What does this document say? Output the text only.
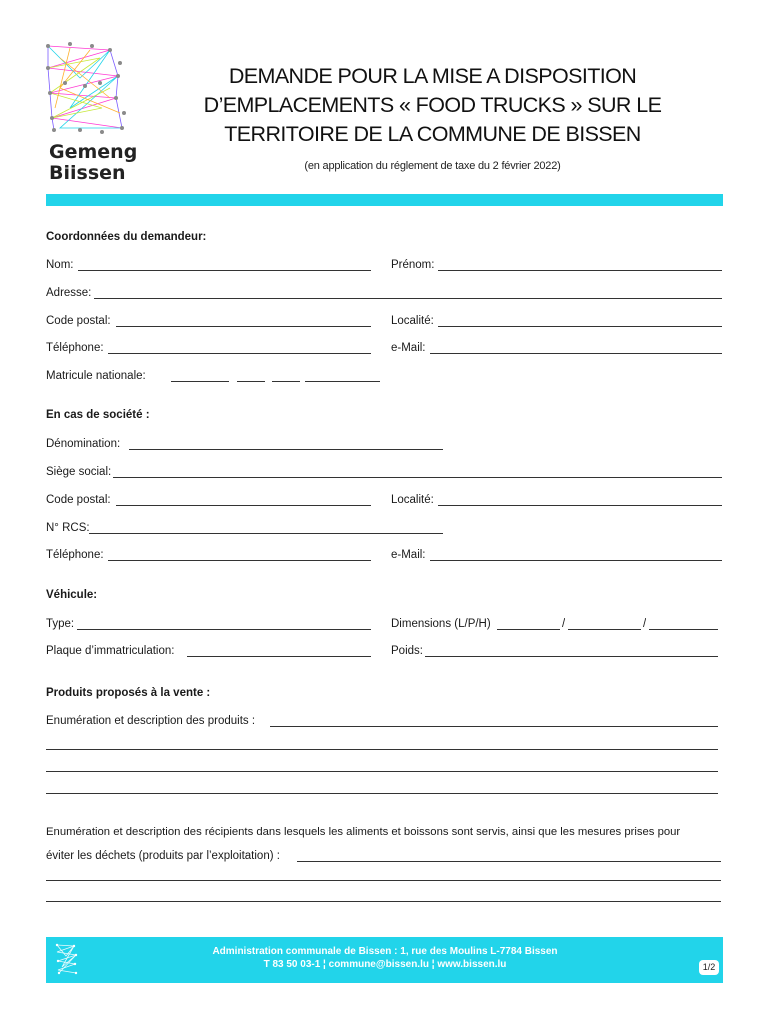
Gemeng
Biissen
DEMANDE POUR LA MISE A DISPOSITION
D’EMPLACEMENTS « FOOD TRUCKS » SUR LE
TERRITOIRE DE LA COMMUNE DE BISSEN
(en application du réglement de taxe du 2 février 2022)
Coordonnées du demandeur:
Nom:	Prénom:
Adresse:
Code postal:	Localité:
Téléphone:	e-Mail:
Matricule nationale:
En cas de société :
Dénomination:
Siège social:
Code postal:	Localité:
N° RCS:
Téléphone:	e-Mail:
Véhicule:
Type:	Dimensions (L/P/H)	/	/
Plaque d’immatriculation:	Poids:
Produits proposés à la vente :
Enumération et description des produits :
Enumération et description des récipients dans lesquels les aliments et boissons sont servis, ainsi que les mesures prises pour
éviter les déchets (produits par l’exploitation) :
Administration communale de Bissen : 1, rue des Moulins L-7784 Bissen
T 83 50 03-1 ¦ commune@bissen.lu ¦ www.bissen.lu	1/2
